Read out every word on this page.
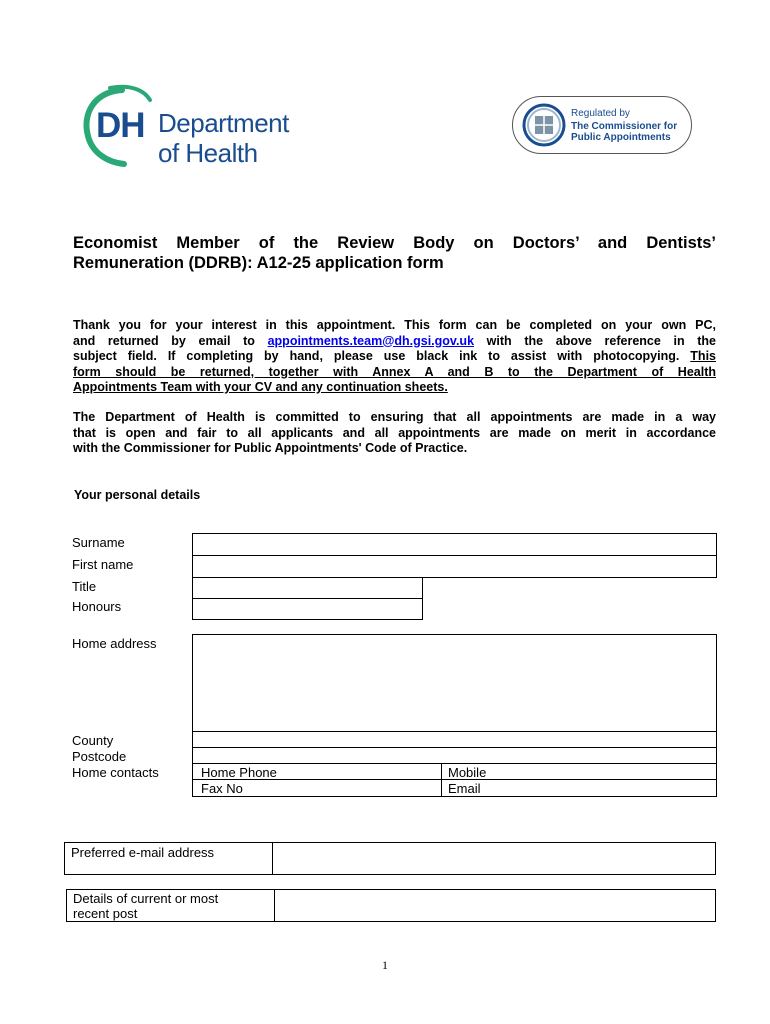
DH Department
of Health
Regulated by
The Commissioner for
Public Appointments
Economist Member of the Review Body on Doctors’ and Dentists’
Remuneration (DDRB): A12-25 application form
Thank you for your interest in this appointment. This form can be completed on your own PC,
and returned by email to appointments.team@dh.gsi.gov.uk with the above reference in the
subject field. If completing by hand, please use black ink to assist with photocopying. This
form should be returned, together with Annex A and B to the Department of Health
Appointments Team with your CV and any continuation sheets.
The Department of Health is committed to ensuring that all appointments are made in a way
that is open and fair to all applicants and all appointments are made on merit in accordance
with the Commissioner for Public Appointments' Code of Practice.
Your personal details
Surname
First name
Title
Honours
Home address
County
Postcode
Home contacts	Home Phone	Mobile
Fax No	Email
Preferred e-mail address
Details of current or most
recent post
1
